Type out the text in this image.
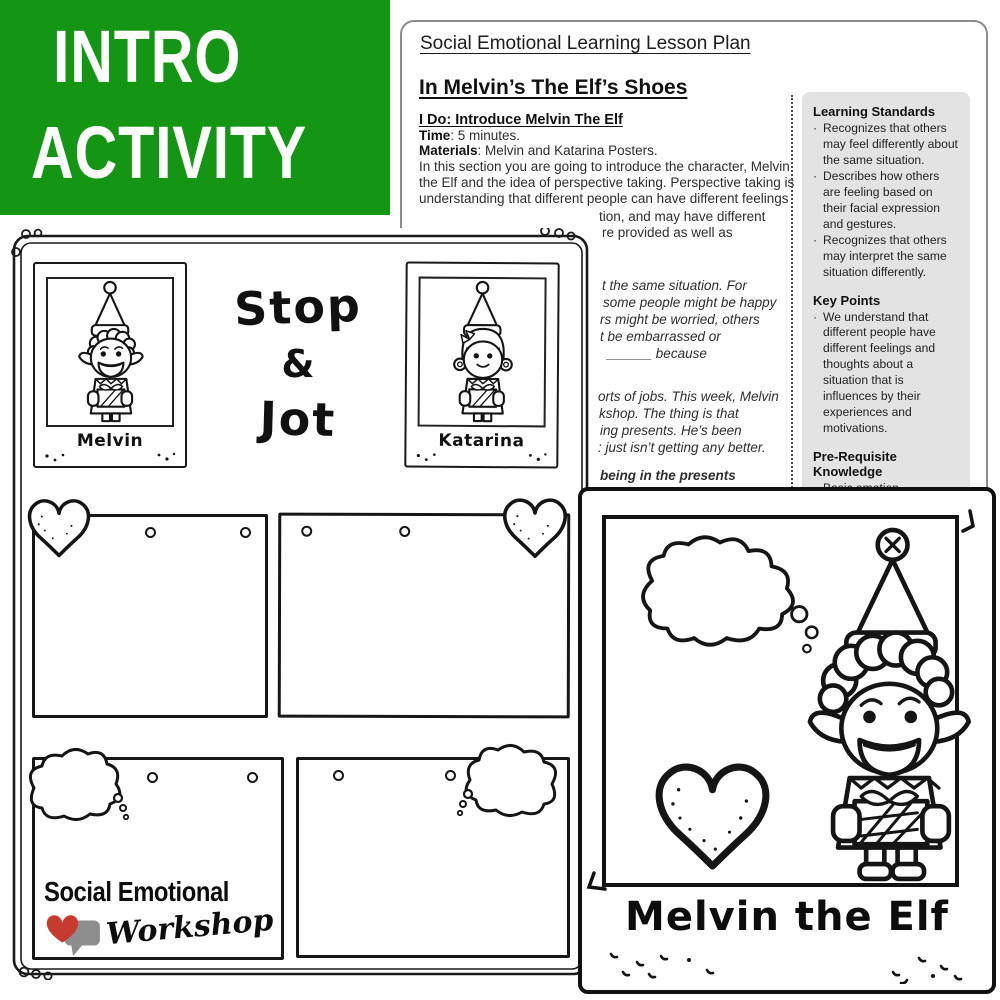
Social Emotional Learning Lesson Plan
In Melvin’s The Elf’s Shoes
I Do: Introduce Melvin The Elf
Time: 5 minutes.
Materials: Melvin and Katarina Posters.
In this section you are going to introduce the character, Melvin
the Elf and the idea of perspective taking. Perspective taking is
understanding that different people can have different feelings
tion, and may have different
re provided as well as
t the same situation. For
some people might be happy
rs might be worried, others
t be embarrassed or
______ because
orts of jobs. This week, Melvin
kshop. The thing is that
ing presents. He’s been
: just isn’t getting any better.
being in the presents
Learning Standards
· Recognizes that others may feel differently about the same situation.
· Describes how others are feeling based on their facial expression and gestures.
· Recognizes that others may interpret the same situation differently.
Key Points
· We understand that different people have different feelings and thoughts about a situation that is influences by their experiences and motivations.
Pre-Requisite Knowledge
INTRO
ACTIVITY
Melvin	Katarina
Stop
&
Jot
Social Emotional
Workshop	Melvin the Elf
